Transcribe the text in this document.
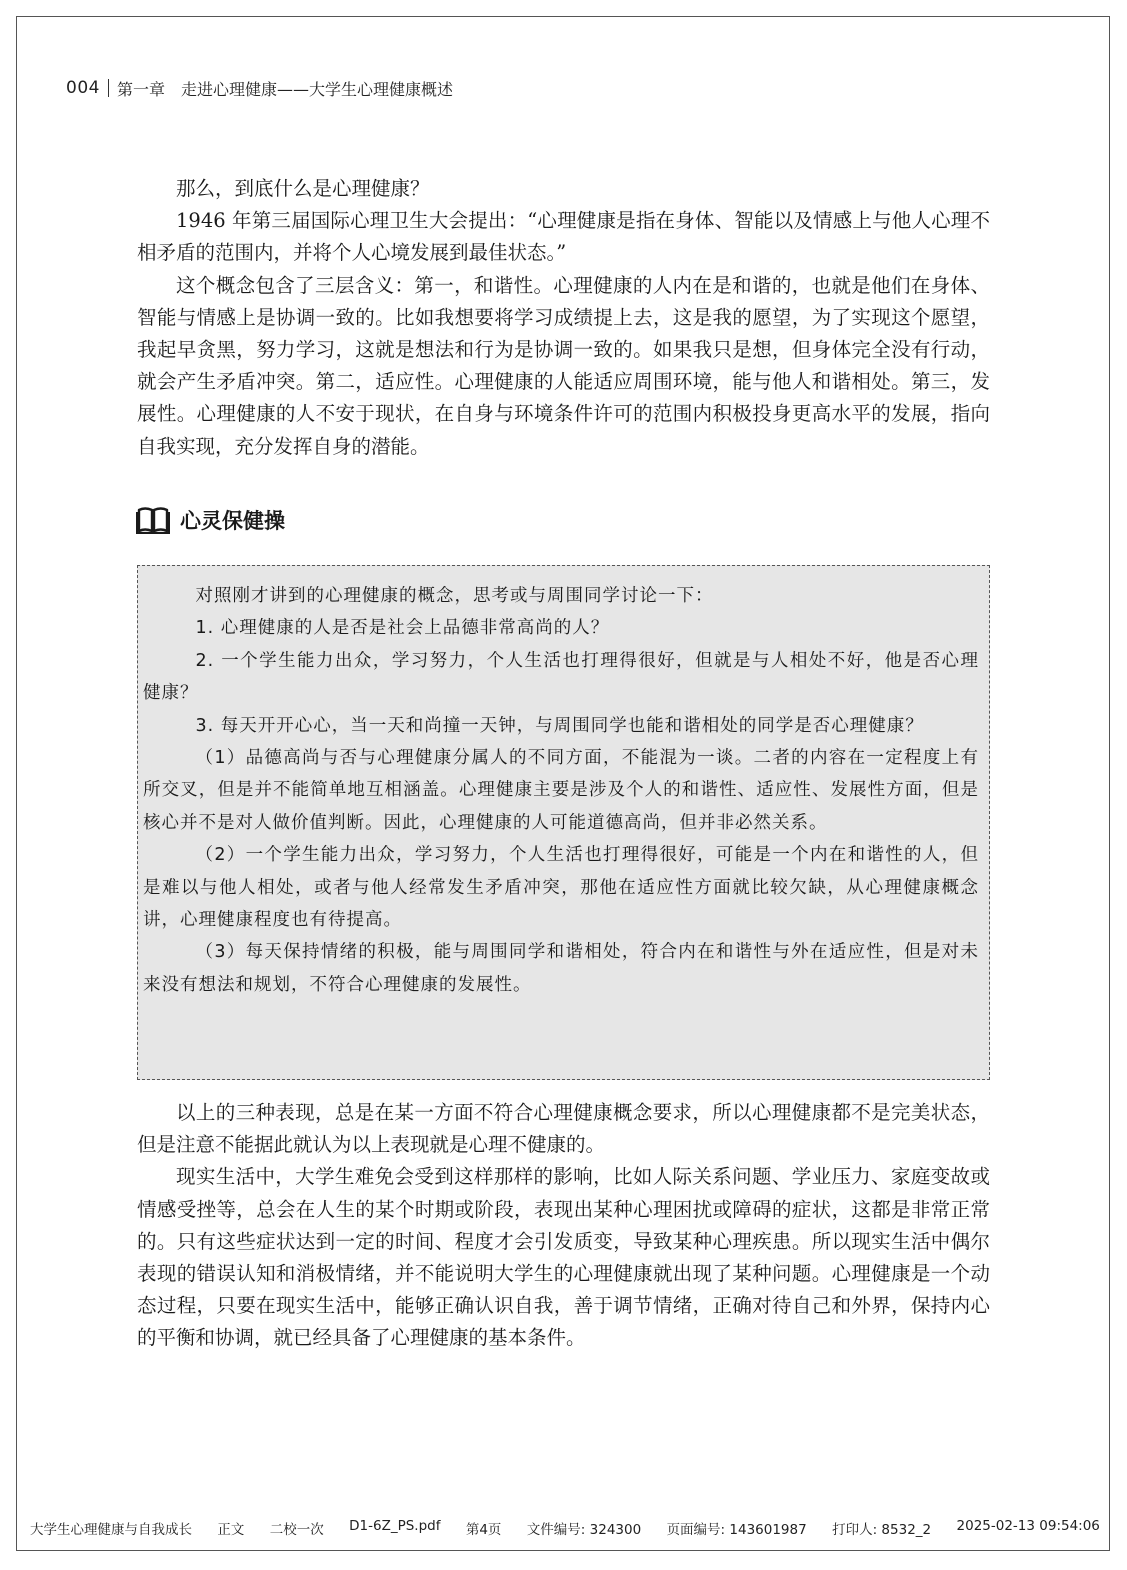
004 第一章 走进心理健康——大学生心理健康概述

那么，到底什么是心理健康？

1946 年第三届国际心理卫生大会提出：“心理健康是指在身体、智能以及情感上与他人心理不相矛盾的范围内，并将个人心境发展到最佳状态。”

这个概念包含了三层含义：第一，和谐性。心理健康的人内在是和谐的，也就是他们在身体、智能与情感上是协调一致的。比如我想要将学习成绩提上去，这是我的愿望，为了实现这个愿望，我起早贪黑，努力学习，这就是想法和行为是协调一致的。如果我只是想，但身体完全没有行动，就会产生矛盾冲突。第二，适应性。心理健康的人能适应周围环境，能与他人和谐相处。第三，发展性。心理健康的人不安于现状，在自身与环境条件许可的范围内积极投身更高水平的发展，指向自我实现，充分发挥自身的潜能。

心灵保健操

对照刚才讲到的心理健康的概念，思考或与周围同学讨论一下：

1. 心理健康的人是否是社会上品德非常高尚的人？

2. 一个学生能力出众，学习努力，个人生活也打理得很好，但就是与人相处不好，他是否心理健康？

3. 每天开开心心，当一天和尚撞一天钟，与周围同学也能和谐相处的同学是否心理健康？

（1）品德高尚与否与心理健康分属人的不同方面，不能混为一谈。二者的内容在一定程度上有所交叉，但是并不能简单地互相涵盖。心理健康主要是涉及个人的和谐性、适应性、发展性方面，但是核心并不是对人做价值判断。因此，心理健康的人可能道德高尚，但并非必然关系。

（2）一个学生能力出众，学习努力，个人生活也打理得很好，可能是一个内在和谐性的人，但是难以与他人相处，或者与他人经常发生矛盾冲突，那他在适应性方面就比较欠缺，从心理健康概念讲，心理健康程度也有待提高。

（3）每天保持情绪的积极，能与周围同学和谐相处，符合内在和谐性与外在适应性，但是对未来没有想法和规划，不符合心理健康的发展性。

以上的三种表现，总是在某一方面不符合心理健康概念要求，所以心理健康都不是完美状态，但是注意不能据此就认为以上表现就是心理不健康的。

现实生活中，大学生难免会受到这样那样的影响，比如人际关系问题、学业压力、家庭变故或情感受挫等，总会在人生的某个时期或阶段，表现出某种心理困扰或障碍的症状，这都是非常正常的。只有这些症状达到一定的时间、程度才会引发质变，导致某种心理疾患。所以现实生活中偶尔表现的错误认知和消极情绪，并不能说明大学生的心理健康就出现了某种问题。心理健康是一个动态过程，只要在现实生活中，能够正确认识自我，善于调节情绪，正确对待自己和外界，保持内心的平衡和协调，就已经具备了心理健康的基本条件。

大学生心理健康与自我成长 正文 二校一次 D1-6Z_PS.pdf 第4页 文件编号: 324300 页面编号: 143601987 打印人: 8532_2 2025-02-13 09:54:06
